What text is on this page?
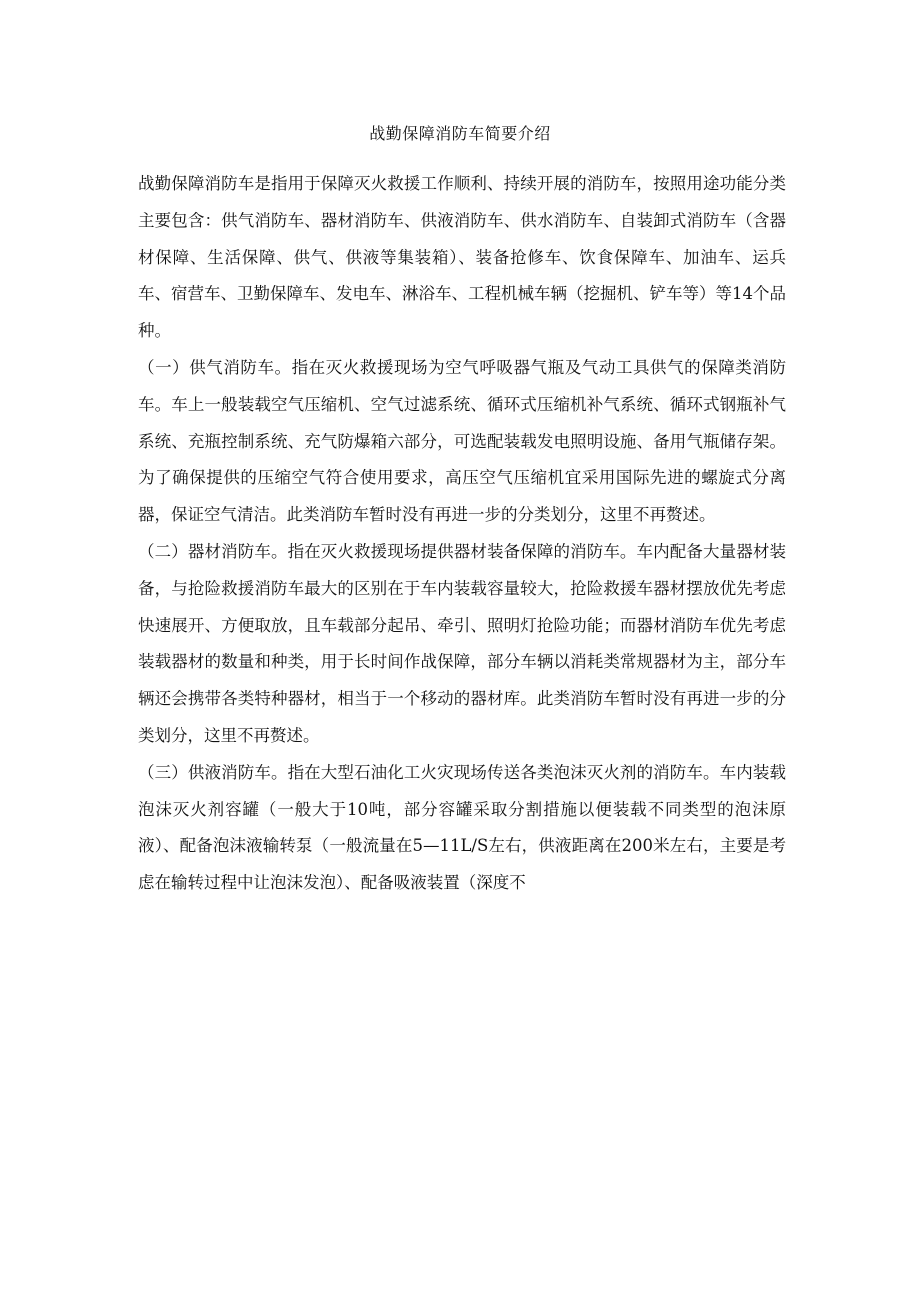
战勤保障消防车简要介绍

战勤保障消防车是指用于保障灭火救援工作顺利、持续开展的消防车，按照用途功能分类主要包含：供气消防车、器材消防车、供液消防车、供水消防车、自装卸式消防车（含器材保障、生活保障、供气、供液等集装箱）、装备抢修车、饮食保障车、加油车、运兵车、宿营车、卫勤保障车、发电车、淋浴车、工程机械车辆（挖掘机、铲车等）等14个品种。

（一）供气消防车。指在灭火救援现场为空气呼吸器气瓶及气动工具供气的保障类消防车。车上一般装载空气压缩机、空气过滤系统、循环式压缩机补气系统、循环式钢瓶补气系统、充瓶控制系统、充气防爆箱六部分，可选配装载发电照明设施、备用气瓶储存架。为了确保提供的压缩空气符合使用要求，高压空气压缩机宜采用国际先进的螺旋式分离器，保证空气清洁。此类消防车暂时没有再进一步的分类划分，这里不再赘述。

（二）器材消防车。指在灭火救援现场提供器材装备保障的消防车。车内配备大量器材装备，与抢险救援消防车最大的区别在于车内装载容量较大，抢险救援车器材摆放优先考虑快速展开、方便取放，且车载部分起吊、牵引、照明灯抢险功能；而器材消防车优先考虑装载器材的数量和种类，用于长时间作战保障，部分车辆以消耗类常规器材为主，部分车辆还会携带各类特种器材，相当于一个移动的器材库。此类消防车暂时没有再进一步的分类划分，这里不再赘述。

（三）供液消防车。指在大型石油化工火灾现场传送各类泡沫灭火剂的消防车。车内装载泡沫灭火剂容罐（一般大于10吨，部分容罐采取分割措施以便装载不同类型的泡沫原液）、配备泡沫液输转泵（一般流量在5—11L/S左右，供液距离在200米左右，主要是考虑在输转过程中让泡沫发泡）、配备吸液装置（深度不
